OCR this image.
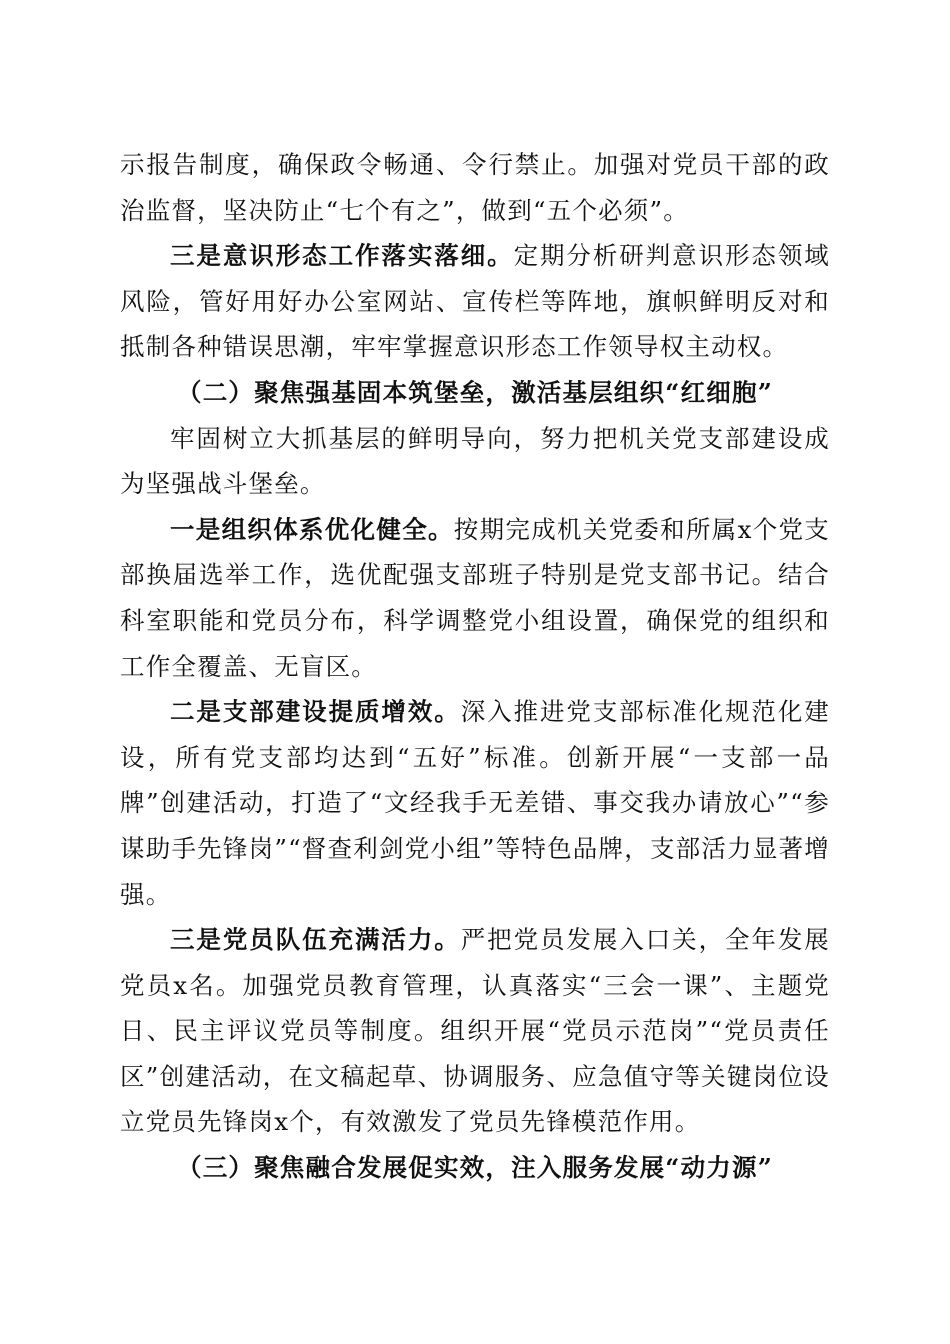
示报告制度，确保政令畅通、令行禁止。加强对党员干部的政治监督，坚决防止“七个有之”，做到“五个必须”。

三是意识形态工作落实落细。定期分析研判意识形态领域风险，管好用好办公室网站、宣传栏等阵地，旗帜鲜明反对和抵制各种错误思潮，牢牢掌握意识形态工作领导权主动权。

（二）聚焦强基固本筑堡垒，激活基层组织“红细胞”

牢固树立大抓基层的鲜明导向，努力把机关党支部建设成为坚强战斗堡垒。

一是组织体系优化健全。按期完成机关党委和所属x个党支部换届选举工作，选优配强支部班子特别是党支部书记。结合科室职能和党员分布，科学调整党小组设置，确保党的组织和工作全覆盖、无盲区。

二是支部建设提质增效。深入推进党支部标准化规范化建设，所有党支部均达到“五好”标准。创新开展“一支部一品牌”创建活动，打造了“文经我手无差错、事交我办请放心”“参谋助手先锋岗”“督查利剑党小组”等特色品牌，支部活力显著增强。

三是党员队伍充满活力。严把党员发展入口关，全年发展党员x名。加强党员教育管理，认真落实“三会一课”、主题党日、民主评议党员等制度。组织开展“党员示范岗”“党员责任区”创建活动，在文稿起草、协调服务、应急值守等关键岗位设立党员先锋岗x个，有效激发了党员先锋模范作用。

（三）聚焦融合发展促实效，注入服务发展“动力源”
